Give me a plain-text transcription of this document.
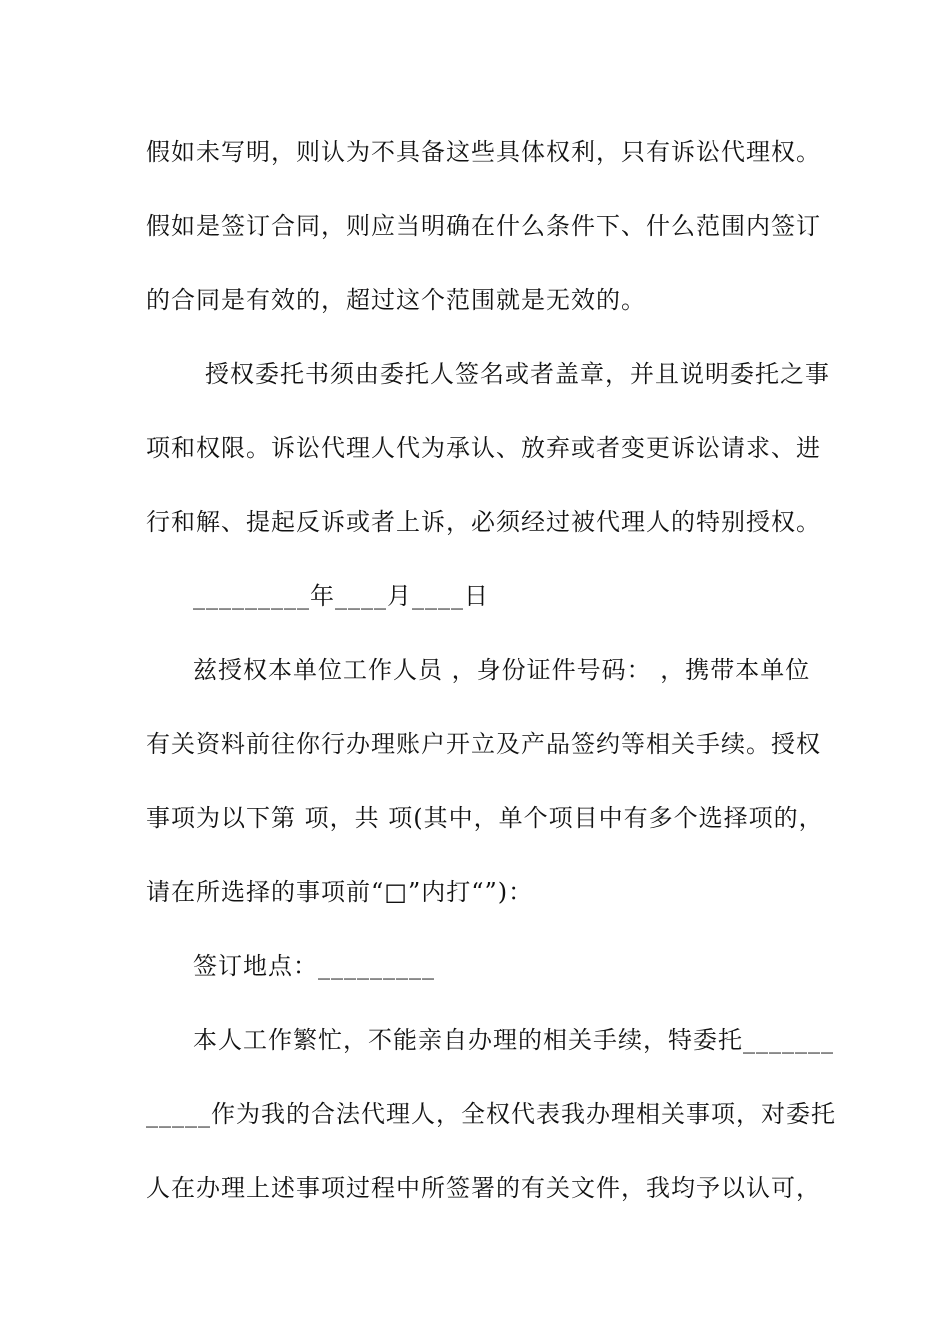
假如未写明，则认为不具备这些具体权利，只有诉讼代理权。
假如是签订合同，则应当明确在什么条件下、什么范围内签订
的合同是有效的，超过这个范围就是无效的。
授权委托书须由委托人签名或者盖章，并且说明委托之事
项和权限。诉讼代理人代为承认、放弃或者变更诉讼请求、进
行和解、提起反诉或者上诉，必须经过被代理人的特别授权。
_________年____月____日
兹授权本单位工作人员 ，身份证件号码： ，携带本单位
有关资料前往你行办理账户开立及产品签约等相关手续。授权
事项为以下第 项，共 项(其中，单个项目中有多个选择项的，
请在所选择的事项前“□”内打“”)：
签订地点：_________
本人工作繁忙，不能亲自办理的相关手续，特委托_______
_____作为我的合法代理人，全权代表我办理相关事项，对委托
人在办理上述事项过程中所签署的有关文件，我均予以认可，
